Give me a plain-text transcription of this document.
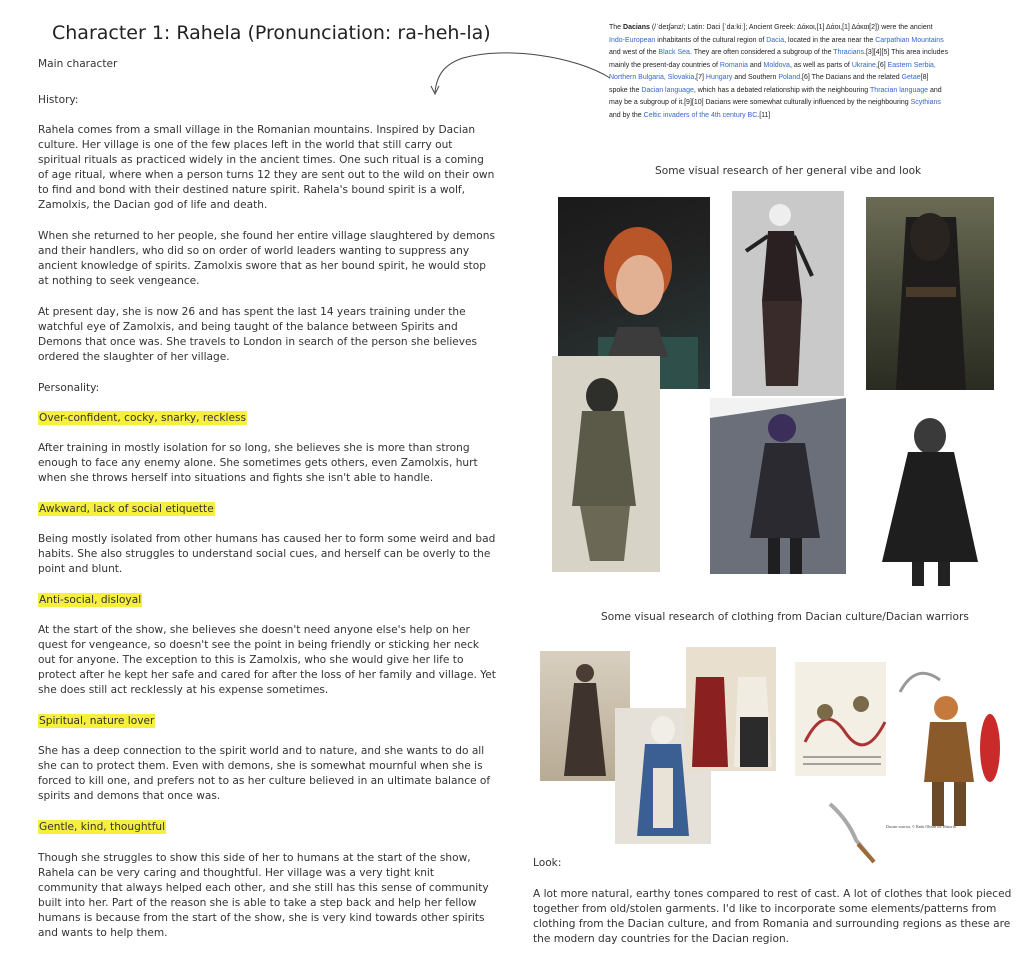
Character 1: Rahela (Pronunciation: ra-heh-la)
Main character
History:
Rahela comes from a small village in the Romanian mountains. Inspired by Dacian culture. Her village is one of the few places left in the world that still carry out spiritual rituals as practiced widely in the ancient times. One such ritual is a coming of age ritual, where when a person turns 12 they are sent out to the wild on their own to find and bond with their destined nature spirit. Rahela's bound spirit is a wolf, Zamolxis, the Dacian god of life and death.
When she returned to her people, she found her entire village slaughtered by demons and their handlers, who did so on order of world leaders wanting to suppress any ancient knowledge of spirits. Zamolxis swore that as her bound spirit, he would stop at nothing to seek vengeance.
At present day, she is now 26 and has spent the last 14 years training under the watchful eye of Zamolxis, and being taught of the balance between Spirits and Demons that once was. She travels to London in search of the person she believes ordered the slaughter of her village.
Personality:
Over-confident, cocky, snarky, reckless
After training in mostly isolation for so long, she believes she is more than strong enough to face any enemy alone. She sometimes gets others, even Zamolxis, hurt when she throws herself into situations and fights she isn't able to handle.
Awkward, lack of social etiquette
Being mostly isolated from other humans has caused her to form some weird and bad habits. She also struggles to understand social cues, and herself can be overly to the point and blunt.
Anti-social, disloyal
At the start of the show, she believes she doesn't need anyone else's help on her quest for vengeance, so doesn't see the point in being friendly or sticking her neck out for anyone. The exception to this is Zamolxis, who she would give her life to protect after he kept her safe and cared for after the loss of her family and village. Yet she does still act recklessly at his expense sometimes.
Spiritual, nature lover
She has a deep connection to the spirit world and to nature, and she wants to do all she can to protect them. Even with demons, she is somewhat mournful when she is forced to kill one, and prefers not to as her culture believed in an ultimate balance of spirits and demons that once was.
Gentle, kind, thoughtful
Though she struggles to show this side of her to humans at the start of the show, Rahela can be very caring and thoughtful. Her village was a very tight knit community that always helped each other, and she still has this sense of community built into her. Part of the reason she is able to take a step back and help her fellow humans is because from the start of the show, she is very kind towards other spirits and wants to help them.
The Dacians (/ˈdeɪʃənz/; Latin: Daci [ˈdaːkiː]; Ancient Greek: Δάκοι,[1] Δάοι,[1] Δάκαι[2]) were the ancient Indo-European inhabitants of the cultural region of Dacia, located in the area near the Carpathian Mountains and west of the Black Sea. They are often considered a subgroup of the Thracians.[3][4][5] This area includes mainly the present-day countries of Romania and Moldova, as well as parts of Ukraine,[6] Eastern Serbia, Northern Bulgaria, Slovakia,[7] Hungary and Southern Poland.[6] The Dacians and the related Getae[8] spoke the Dacian language, which has a debated relationship with the neighbouring Thracian language and may be a subgroup of it.[9][10] Dacians were somewhat culturally influenced by the neighbouring Scythians and by the Celtic invaders of the 4th century BC.[11]
Some visual research of her general vibe and look
Some visual research of clothing from Dacian culture/Dacian warriors
Dacian warrior, © Radu Oltean for Historia
Look:
A lot more natural, earthy tones compared to rest of cast. A lot of clothes that look pieced together from old/stolen garments. I'd like to incorporate some elements/patterns from clothing from the Dacian culture, and from Romania and surrounding regions as these are the modern day countries for the Dacian region.
